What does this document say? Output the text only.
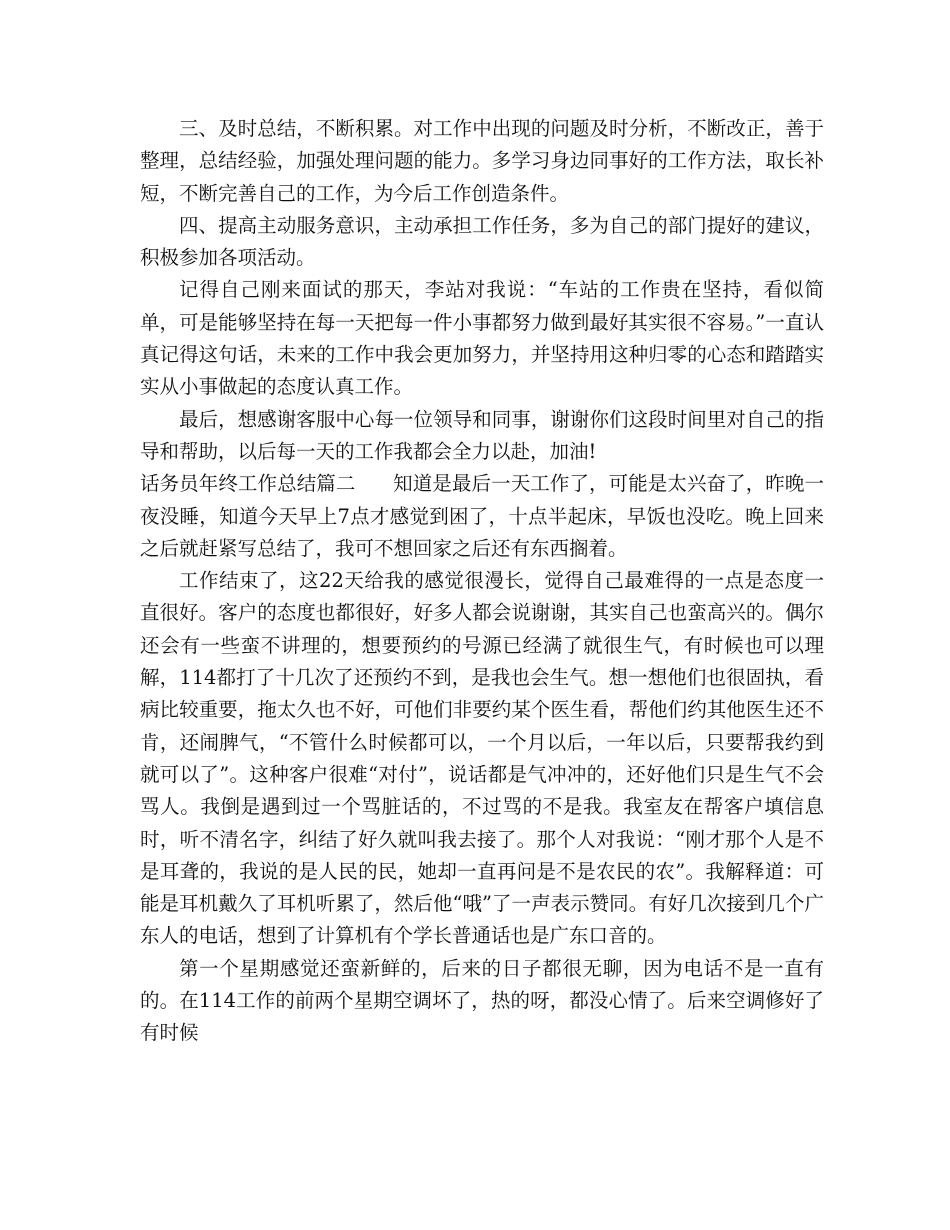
三、及时总结，不断积累。对工作中出现的问题及时分析，不断改正，善于整理，总结经验，加强处理问题的能力。多学习身边同事好的工作方法，取长补短，不断完善自己的工作，为今后工作创造条件。

四、提高主动服务意识，主动承担工作任务，多为自己的部门提好的建议，积极参加各项活动。

记得自己刚来面试的那天，李站对我说：“车站的工作贵在坚持，看似简单，可是能够坚持在每一天把每一件小事都努力做到最好其实很不容易。”一直认真记得这句话，未来的工作中我会更加努力，并坚持用这种归零的心态和踏踏实实从小事做起的态度认真工作。

最后，想感谢客服中心每一位领导和同事，谢谢你们这段时间里对自己的指导和帮助，以后每一天的工作我都会全力以赴，加油!

话务员年终工作总结篇二 知道是最后一天工作了，可能是太兴奋了，昨晚一夜没睡，知道今天早上7点才感觉到困了，十点半起床，早饭也没吃。晚上回来之后就赶紧写总结了，我可不想回家之后还有东西搁着。

工作结束了，这22天给我的感觉很漫长，觉得自己最难得的一点是态度一直很好。客户的态度也都很好，好多人都会说谢谢，其实自己也蛮高兴的。偶尔还会有一些蛮不讲理的，想要预约的号源已经满了就很生气，有时候也可以理解，114都打了十几次了还预约不到，是我也会生气。想一想他们也很固执，看病比较重要，拖太久也不好，可他们非要约某个医生看，帮他们约其他医生还不肯，还闹脾气，“不管什么时候都可以，一个月以后，一年以后，只要帮我约到就可以了”。这种客户很难“对付”，说话都是气冲冲的，还好他们只是生气不会骂人。我倒是遇到过一个骂脏话的，不过骂的不是我。我室友在帮客户填信息时，听不清名字，纠结了好久就叫我去接了。那个人对我说：“刚才那个人是不是耳聋的，我说的是人民的民，她却一直再问是不是农民的农”。我解释道：可能是耳机戴久了耳机听累了，然后他“哦”了一声表示赞同。有好几次接到几个广东人的电话，想到了计算机有个学长普通话也是广东口音的。

第一个星期感觉还蛮新鲜的，后来的日子都很无聊，因为电话不是一直有的。在114工作的前两个星期空调坏了，热的呀，都没心情了。后来空调修好了有时候
